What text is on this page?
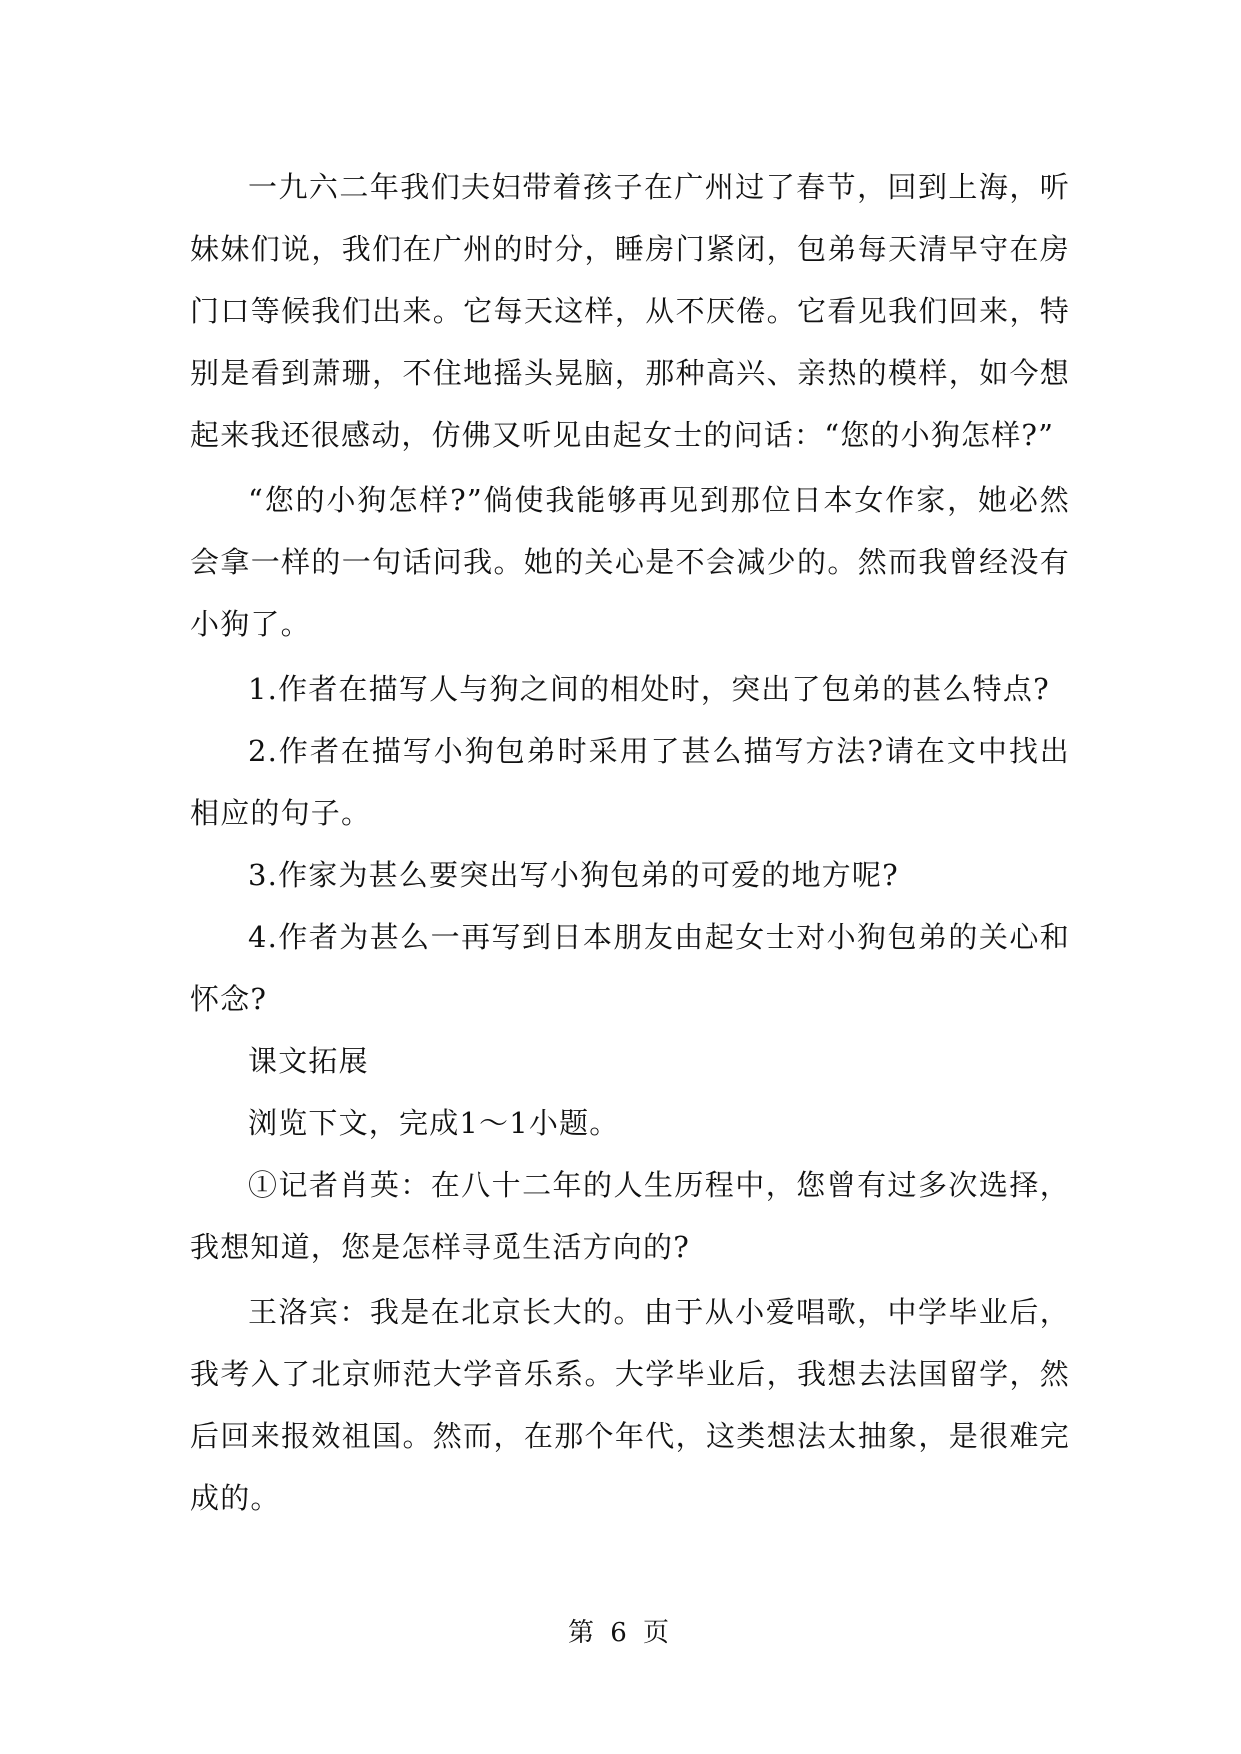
一九六二年我们夫妇带着孩子在广州过了春节，回到上海，听妹妹们说，我们在广州的时分，睡房门紧闭，包弟每天清早守在房门口等候我们出来。它每天这样，从不厌倦。它看见我们回来，特别是看到萧珊，不住地摇头晃脑，那种高兴、亲热的模样，如今想起来我还很感动，仿佛又听见由起女士的问话：“您的小狗怎样?”

“您的小狗怎样?”倘使我能够再见到那位日本女作家，她必然会拿一样的一句话问我。她的关心是不会减少的。然而我曾经没有小狗了。

1.作者在描写人与狗之间的相处时，突出了包弟的甚么特点?

2.作者在描写小狗包弟时采用了甚么描写方法?请在文中找出相应的句子。

3.作家为甚么要突出写小狗包弟的可爱的地方呢?

4.作者为甚么一再写到日本朋友由起女士对小狗包弟的关心和怀念?

课文拓展

浏览下文，完成1～1小题。

①记者肖英：在八十二年的人生历程中，您曾有过多次选择，我想知道，您是怎样寻觅生活方向的?

王洛宾：我是在北京长大的。由于从小爱唱歌，中学毕业后，我考入了北京师范大学音乐系。大学毕业后，我想去法国留学，然后回来报效祖国。然而，在那个年代，这类想法太抽象，是很难完成的。

第 6 页
